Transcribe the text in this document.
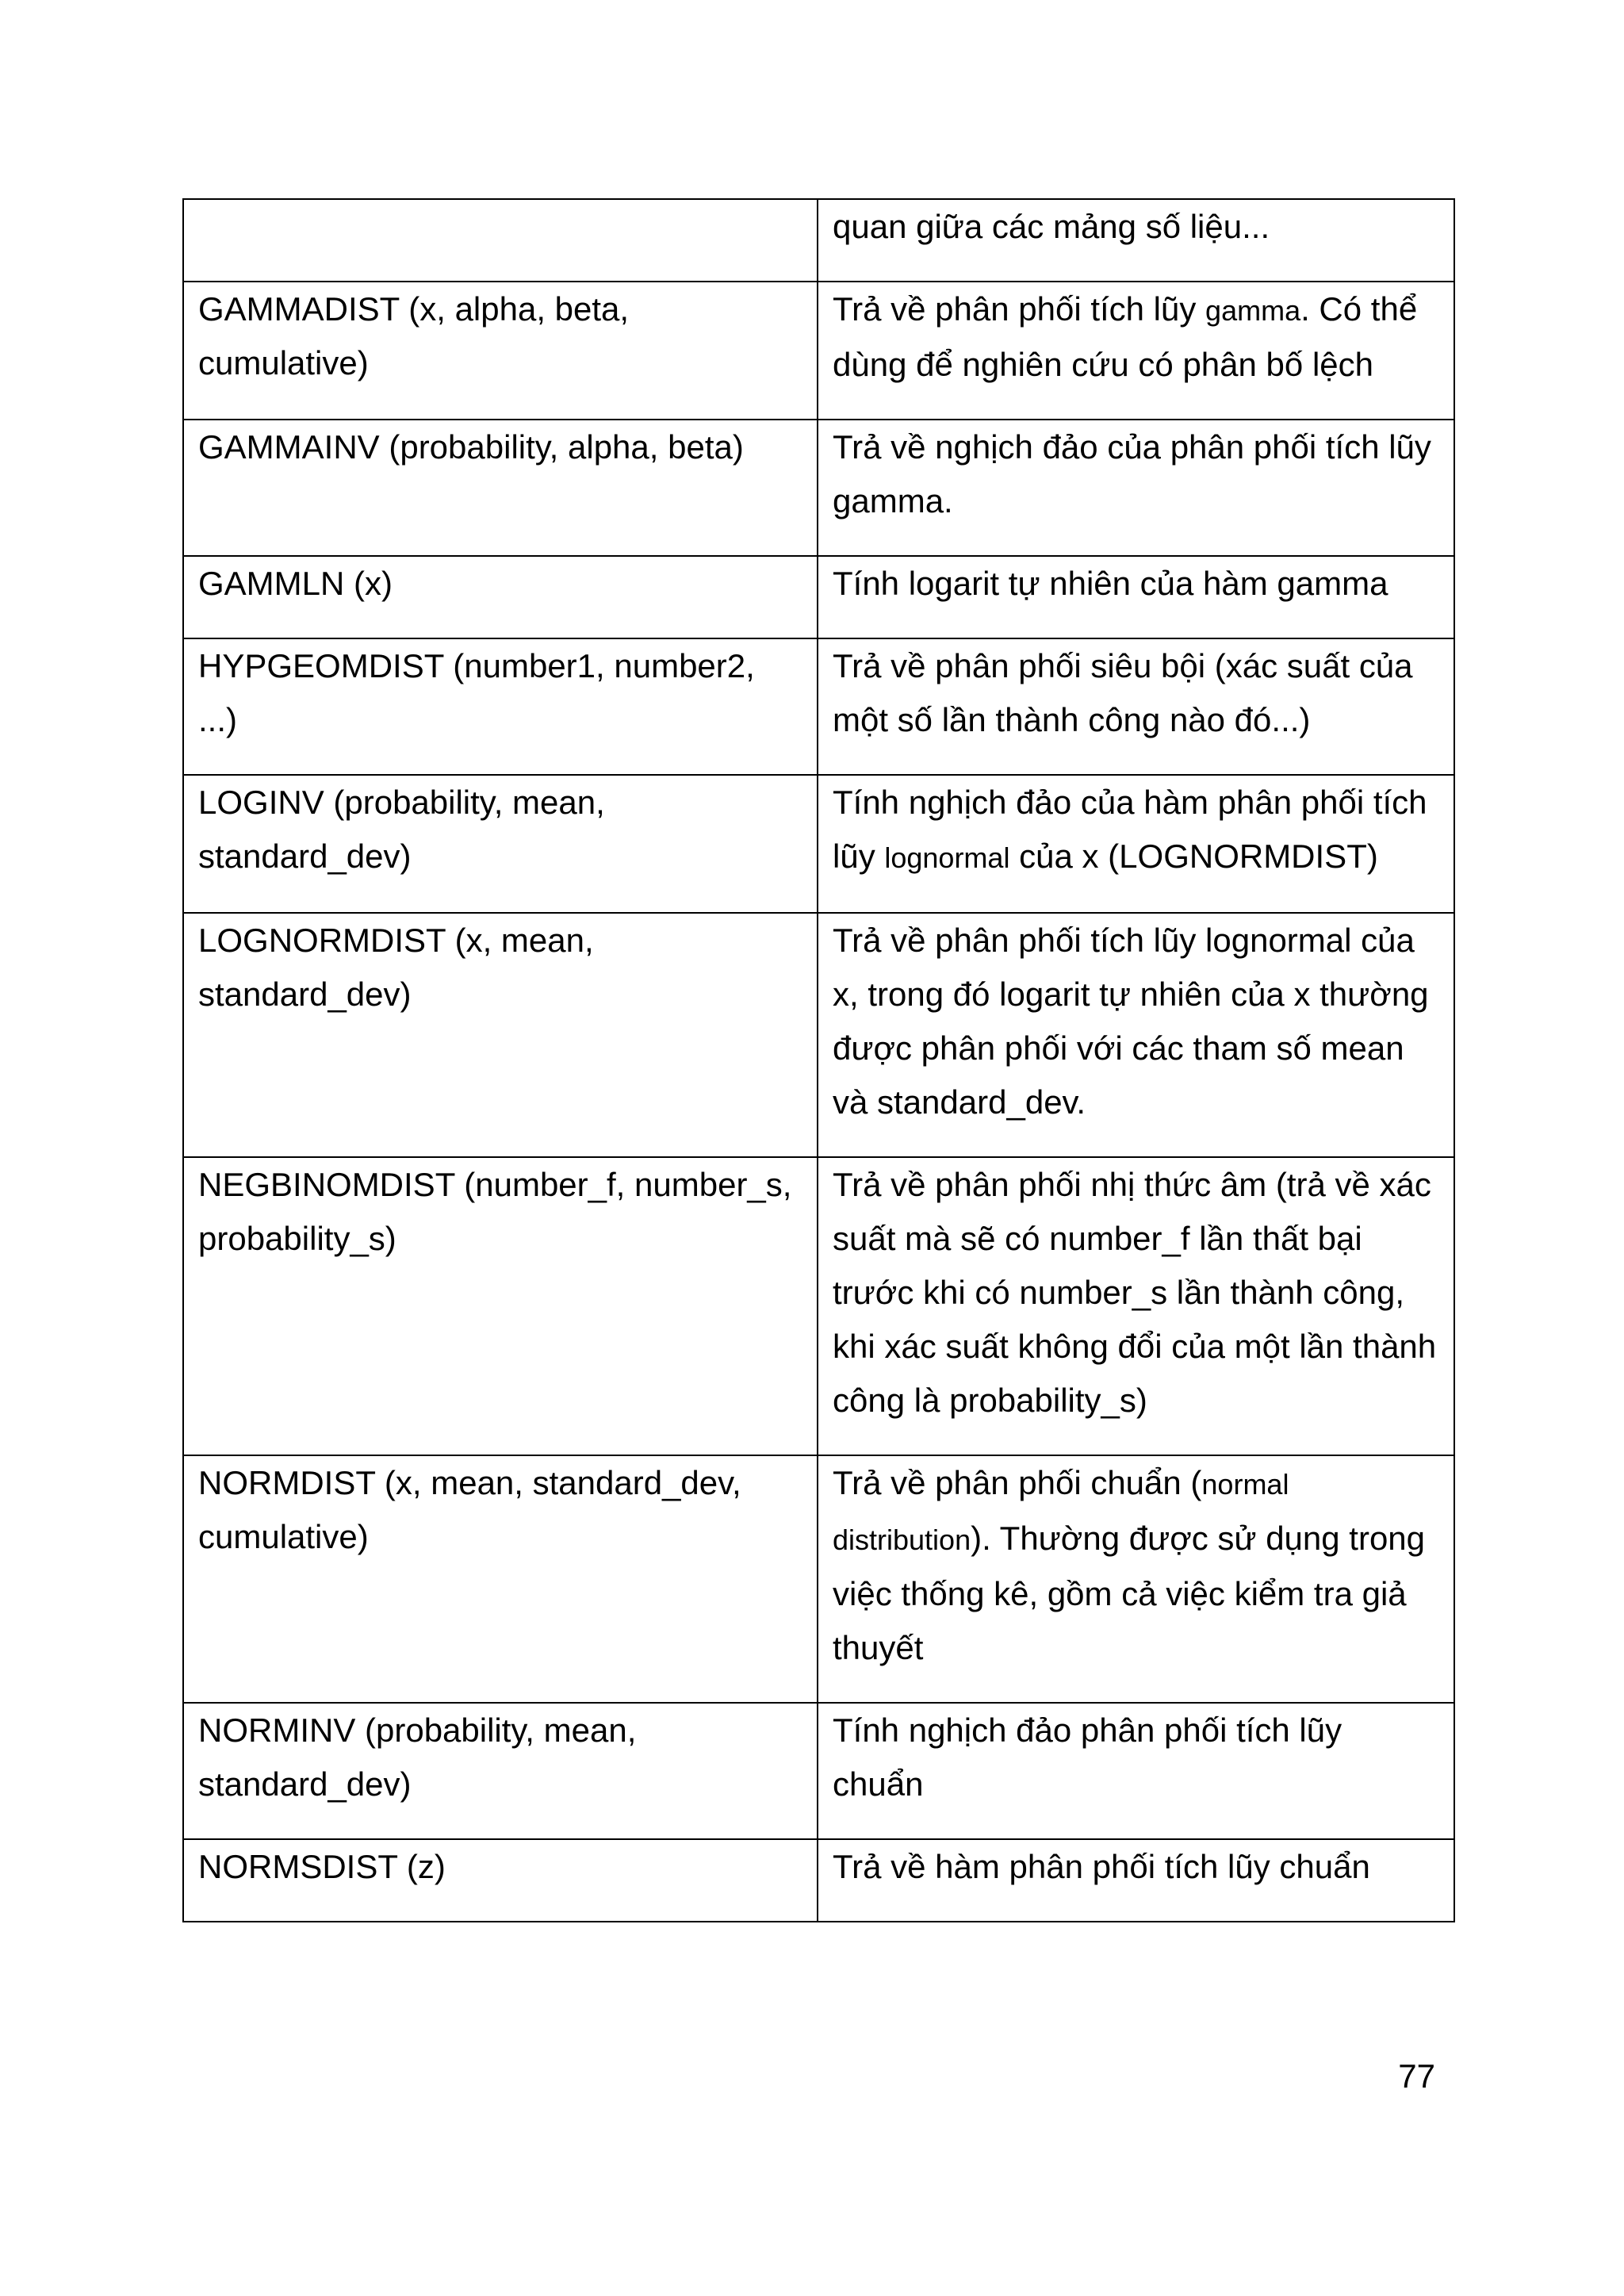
	quan giữa các mảng số liệu...

GAMMADIST (x, alpha, beta, cumulative)	Trả về phân phối tích lũy gamma. Có thể dùng để nghiên cứu có phân bố lệch

GAMMAINV (probability, alpha, beta)	Trả về nghịch đảo của phân phối tích lũy gamma.

GAMMLN (x)	Tính logarit tự nhiên của hàm gamma

HYPGEOMDIST (number1, number2, ...)	Trả về phân phối siêu bội (xác suất của một số lần thành công nào đó...)

LOGINV (probability, mean, standard_dev)	Tính nghịch đảo của hàm phân phối tích lũy lognormal của x (LOGNORMDIST)

LOGNORMDIST (x, mean, standard_dev)	Trả về phân phối tích lũy lognormal của x, trong đó logarit tự nhiên của x thường được phân phối với các tham số mean và standard_dev.

NEGBINOMDIST (number_f, number_s, probability_s)	Trả về phân phối nhị thức âm (trả về xác suất mà sẽ có number_f lần thất bại trước khi có number_s lần thành công, khi xác suất không đổi của một lần thành công là probability_s)

NORMDIST (x, mean, standard_dev, cumulative)	Trả về phân phối chuẩn (normal distribution). Thường được sử dụng trong việc thống kê, gồm cả việc kiểm tra giả thuyết

NORMINV (probability, mean, standard_dev)	Tính nghịch đảo phân phối tích lũy chuẩn

NORMSDIST (z)	Trả về hàm phân phối tích lũy chuẩn
77
